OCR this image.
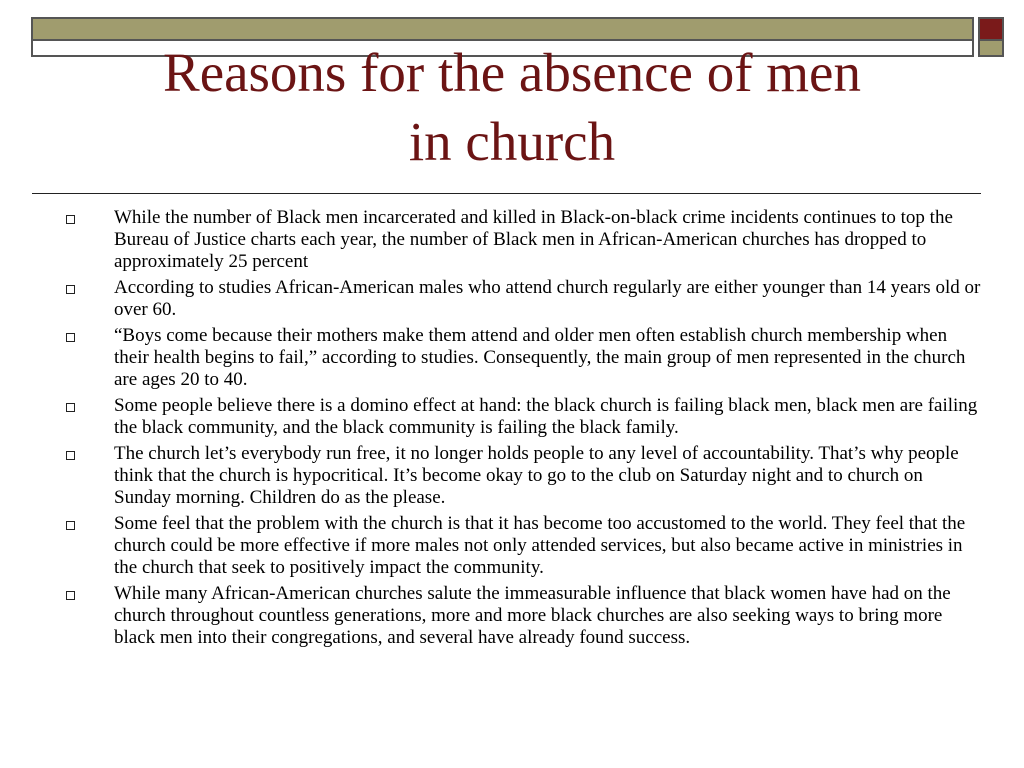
Reasons for the absence of men
in church
While the number of Black men incarcerated and killed in Black-on-black crime incidents continues to top the Bureau of Justice charts each year, the number of Black men in African-American churches has dropped to approximately 25 percent
According to studies African-American males who attend church regularly are either younger than 14 years old or over 60.
“Boys come because their mothers make them attend and older men often establish church membership when their health begins to fail,” according to studies. Consequently, the main group of men represented in the church are ages 20 to 40.
Some people believe there is a domino effect at hand: the black church is failing black men, black men are failing the black community, and the black community is failing the black family.
The church let’s everybody run free, it no longer holds people to any level of accountability. That’s why people think that the church is hypocritical. It’s become okay to go to the club on Saturday night and to church on Sunday morning. Children do as the please.
Some feel that the problem with the church is that it has become too accustomed to the world. They feel that the church could be more effective if more males not only attended services, but also became active in ministries in the church that seek to positively impact the community.
While many African-American churches salute the immeasurable influence that black women have had on the church throughout countless generations, more and more black churches are also seeking ways to bring more black men into their congregations, and several have already found success.
